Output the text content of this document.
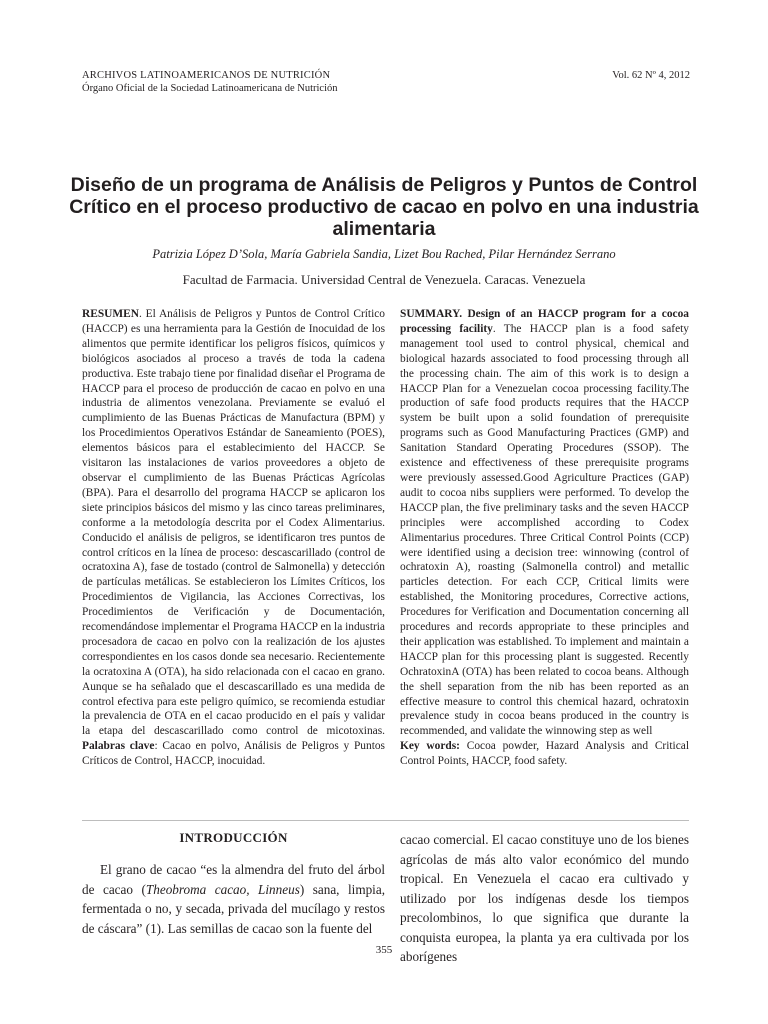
ARCHIVOS LATINOAMERICANOS DE NUTRICIÓN
Órgano Oficial de la Sociedad Latinoamericana de Nutrición
Vol. 62 Nº 4, 2012
Diseño de un programa de Análisis de Peligros y Puntos de Control Crítico en el proceso productivo de cacao en polvo en una industria alimentaria
Patrizia López D’Sola, María Gabriela Sandia, Lizet Bou Rached, Pilar Hernández Serrano
Facultad de Farmacia. Universidad Central de Venezuela. Caracas. Venezuela
RESUMEN. El Análisis de Peligros y Puntos de Control Crítico (HACCP) es una herramienta para la Gestión de Inocuidad de los alimentos que permite identificar los peligros físicos, químicos y biológicos asociados al proceso a través de toda la cadena productiva. Este trabajo tiene por finalidad diseñar el Programa de HACCP para el proceso de producción de cacao en polvo en una industria de alimentos venezolana. Previamente se evaluó el cumplimiento de las Buenas Prácticas de Manufactura (BPM) y los Procedimientos Operativos Estándar de Saneamiento (POES), elementos básicos para el establecimiento del HACCP. Se visitaron las instalaciones de varios proveedores a objeto de observar el cumplimiento de las Buenas Prácticas Agrícolas (BPA). Para el desarrollo del programa HACCP se aplicaron los siete principios básicos del mismo y las cinco tareas preliminares, conforme a la metodología descrita por el Codex Alimentarius. Conducido el análisis de peligros, se identificaron tres puntos de control críticos en la línea de proceso: descascarillado (control de ocratoxina A), fase de tostado (control de Salmonella) y detección de partículas metálicas. Se establecieron los Límites Críticos, los Procedimientos de Vigilancia, las Acciones Correctivas, los Procedimientos de Verificación y de Documentación, recomendándose implementar el Programa HACCP en la industria procesadora de cacao en polvo con la realización de los ajustes correspondientes en los casos donde sea necesario. Recientemente la ocratoxina A (OTA), ha sido relacionada con el cacao en grano. Aunque se ha señalado que el descascarillado es una medida de control efectiva para este peligro químico, se recomienda estudiar la prevalencia de OTA en el cacao producido en el país y validar la etapa del descascarillado como control de micotoxinas. Palabras clave: Cacao en polvo, Análisis de Peligros y Puntos Críticos de Control, HACCP, inocuidad.
SUMMARY. Design of an HACCP program for a cocoa processing facility. The HACCP plan is a food safety management tool used to control physical, chemical and biological hazards associated to food processing through all the processing chain. The aim of this work is to design a HACCP Plan for a Venezuelan cocoa processing facility.The production of safe food products requires that the HACCP system be built upon a solid foundation of prerequisite programs such as Good Manufacturing Practices (GMP) and Sanitation Standard Operating Procedures (SSOP). The existence and effectiveness of these prerequisite programs were previously assessed.Good Agriculture Practices (GAP) audit to cocoa nibs suppliers were performed. To develop the HACCP plan, the five preliminary tasks and the seven HACCP principles were accomplished according to Codex Alimentarius procedures. Three Critical Control Points (CCP) were identified using a decision tree: winnowing (control of ochratoxin A), roasting (Salmonella control) and metallic particles detection. For each CCP, Critical limits were established, the Monitoring procedures, Corrective actions, Procedures for Verification and Documentation concerning all procedures and records appropriate to these principles and their application was established. To implement and maintain a HACCP plan for this processing plant is suggested. Recently OchratoxinA (OTA) has been related to cocoa beans. Although the shell separation from the nib has been reported as an effective measure to control this chemical hazard, ochratoxin prevalence study in cocoa beans produced in the country is recommended, and validate the winnowing step as well
Key words: Cocoa powder, Hazard Analysis and Critical Control Points, HACCP, food safety.
INTRODUCCIÓN
El grano de cacao “es la almendra del fruto del árbol de cacao (Theobroma cacao, Linneus) sana, limpia, fermentada o no, y secada, privada del mucílago y restos de cáscara” (1). Las semillas de cacao son la fuente del
cacao comercial. El cacao constituye uno de los bienes agrícolas de más alto valor económico del mundo tropical. En Venezuela el cacao era cultivado y utilizado por los indígenas desde los tiempos precolombinos, lo que significa que durante la conquista europea, la planta ya era cultivada por los aborígenes
355
